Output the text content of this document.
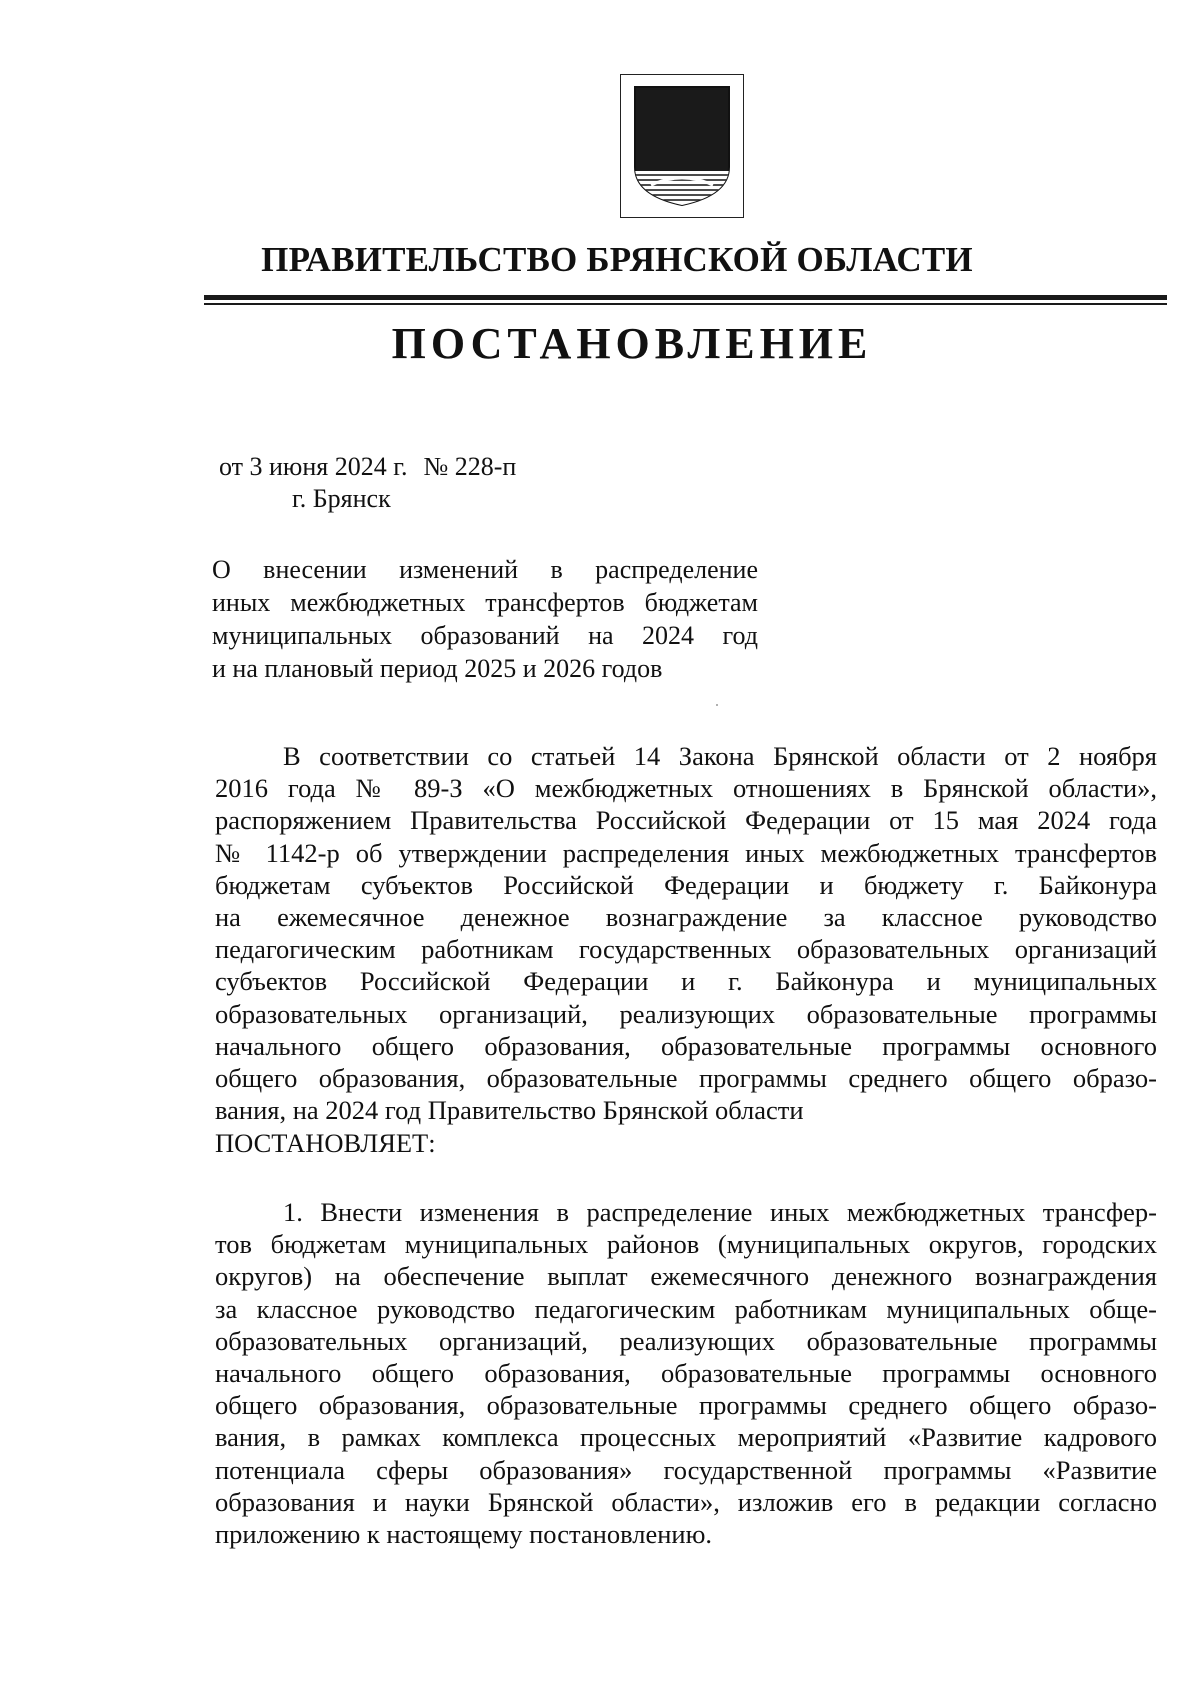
ПРАВИТЕЛЬСТВО БРЯНСКОЙ ОБЛАСТИ
ПОСТАНОВЛЕНИЕ
от 3 июня 2024 г. № 228-п
г. Брянск
О внесении изменений в распределение
иных межбюджетных трансфертов бюджетам
муниципальных образований на 2024 год
и на плановый период 2025 и 2026 годов
В соответствии со статьей 14 Закона Брянской области от 2 ноября
2016 года № 89-З «О межбюджетных отношениях в Брянской области»,
распоряжением Правительства Российской Федерации от 15 мая 2024 года
№ 1142-р об утверждении распределения иных межбюджетных трансфертов
бюджетам субъектов Российской Федерации и бюджету г. Байконура
на ежемесячное денежное вознаграждение за классное руководство
педагогическим работникам государственных образовательных организаций
субъектов Российской Федерации и г. Байконура и муниципальных
образовательных организаций, реализующих образовательные программы
начального общего образования, образовательные программы основного
общего образования, образовательные программы среднего общего образо-
вания, на 2024 год Правительство Брянской области
ПОСТАНОВЛЯЕТ:
1. Внести изменения в распределение иных межбюджетных трансфер-
тов бюджетам муниципальных районов (муниципальных округов, городских
округов) на обеспечение выплат ежемесячного денежного вознаграждения
за классное руководство педагогическим работникам муниципальных обще-
образовательных организаций, реализующих образовательные программы
начального общего образования, образовательные программы основного
общего образования, образовательные программы среднего общего образо-
вания, в рамках комплекса процессных мероприятий «Развитие кадрового
потенциала сферы образования» государственной программы «Развитие
образования и науки Брянской области», изложив его в редакции согласно
приложению к настоящему постановлению.
